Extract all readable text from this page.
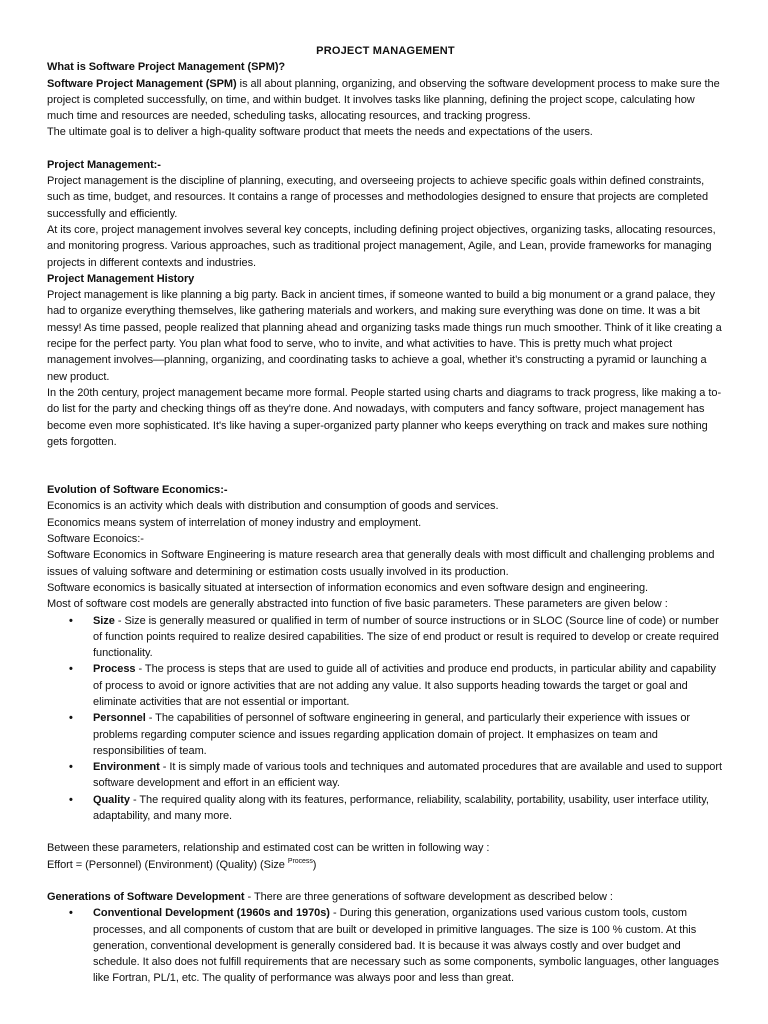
PROJECT MANAGEMENT

What is Software Project Management (SPM)?

Software Project Management (SPM) is all about planning, organizing, and observing the software development process to make sure the project is completed successfully, on time, and within budget. It involves tasks like planning, defining the project scope, calculating how much time and resources are needed, scheduling tasks, allocating resources, and tracking progress.

The ultimate goal is to deliver a high-quality software product that meets the needs and expectations of the users.

Project Management:-

Project management is the discipline of planning, executing, and overseeing projects to achieve specific goals within defined constraints, such as time, budget, and resources. It contains a range of processes and methodologies designed to ensure that projects are completed successfully and efficiently.

At its core, project management involves several key concepts, including defining project objectives, organizing tasks, allocating resources, and monitoring progress. Various approaches, such as traditional project management, Agile, and Lean, provide frameworks for managing projects in different contexts and industries.

Project Management History

Project management is like planning a big party. Back in ancient times, if someone wanted to build a big monument or a grand palace, they had to organize everything themselves, like gathering materials and workers, and making sure everything was done on time. It was a bit messy! As time passed, people realized that planning ahead and organizing tasks made things run much smoother. Think of it like creating a recipe for the perfect party. You plan what food to serve, who to invite, and what activities to have. This is pretty much what project management involves—planning, organizing, and coordinating tasks to achieve a goal, whether it’s constructing a pyramid or launching a new product.

In the 20th century, project management became more formal. People started using charts and diagrams to track progress, like making a to-do list for the party and checking things off as they're done. And nowadays, with computers and fancy software, project management has become even more sophisticated. It's like having a super-organized party planner who keeps everything on track and makes sure nothing gets forgotten.

Evolution of Software Economics:-

Economics is an activity which deals with distribution and consumption of goods and services.

Economics means system of interrelation of money industry and employment.

Software Econoics:-

Software Economics in Software Engineering is mature research area that generally deals with most difficult and challenging problems and issues of valuing software and determining or estimation costs usually involved in its production.

Software economics is basically situated at intersection of information economics and even software design and engineering.

Most of software cost models are generally abstracted into function of five basic parameters. These parameters are given below :

• Size - Size is generally measured or qualified in term of number of source instructions or in SLOC (Source line of code) or number of function points required to realize desired capabilities. The size of end product or result is required to develop or create required functionality.
• Process - The process is steps that are used to guide all of activities and produce end products, in particular ability and capability of process to avoid or ignore activities that are not adding any value. It also supports heading towards the target or goal and eliminate activities that are not essential or important.
• Personnel - The capabilities of personnel of software engineering in general, and particularly their experience with issues or problems regarding computer science and issues regarding application domain of project. It emphasizes on team and responsibilities of team.
• Environment - It is simply made of various tools and techniques and automated procedures that are available and used to support software development and effort in an efficient way.
• Quality - The required quality along with its features, performance, reliability, scalability, portability, usability, user interface utility, adaptability, and many more.

Between these parameters, relationship and estimated cost can be written in following way :

Effort = (Personnel) (Environment) (Quality) (Size $^{Process}$)

Generations of Software Development - There are three generations of software development as described below :

• Conventional Development (1960s and 1970s) - During this generation, organizations used various custom tools, custom processes, and all components of custom that are built or developed in primitive languages. The size is 100 % custom. At this generation, conventional development is generally considered bad. It is because it was always costly and over budget and schedule. It also does not fulfill requirements that are necessary such as some components, symbolic languages, other languages like Fortran, PL/1, etc. The quality of performance was always poor and less than great.
